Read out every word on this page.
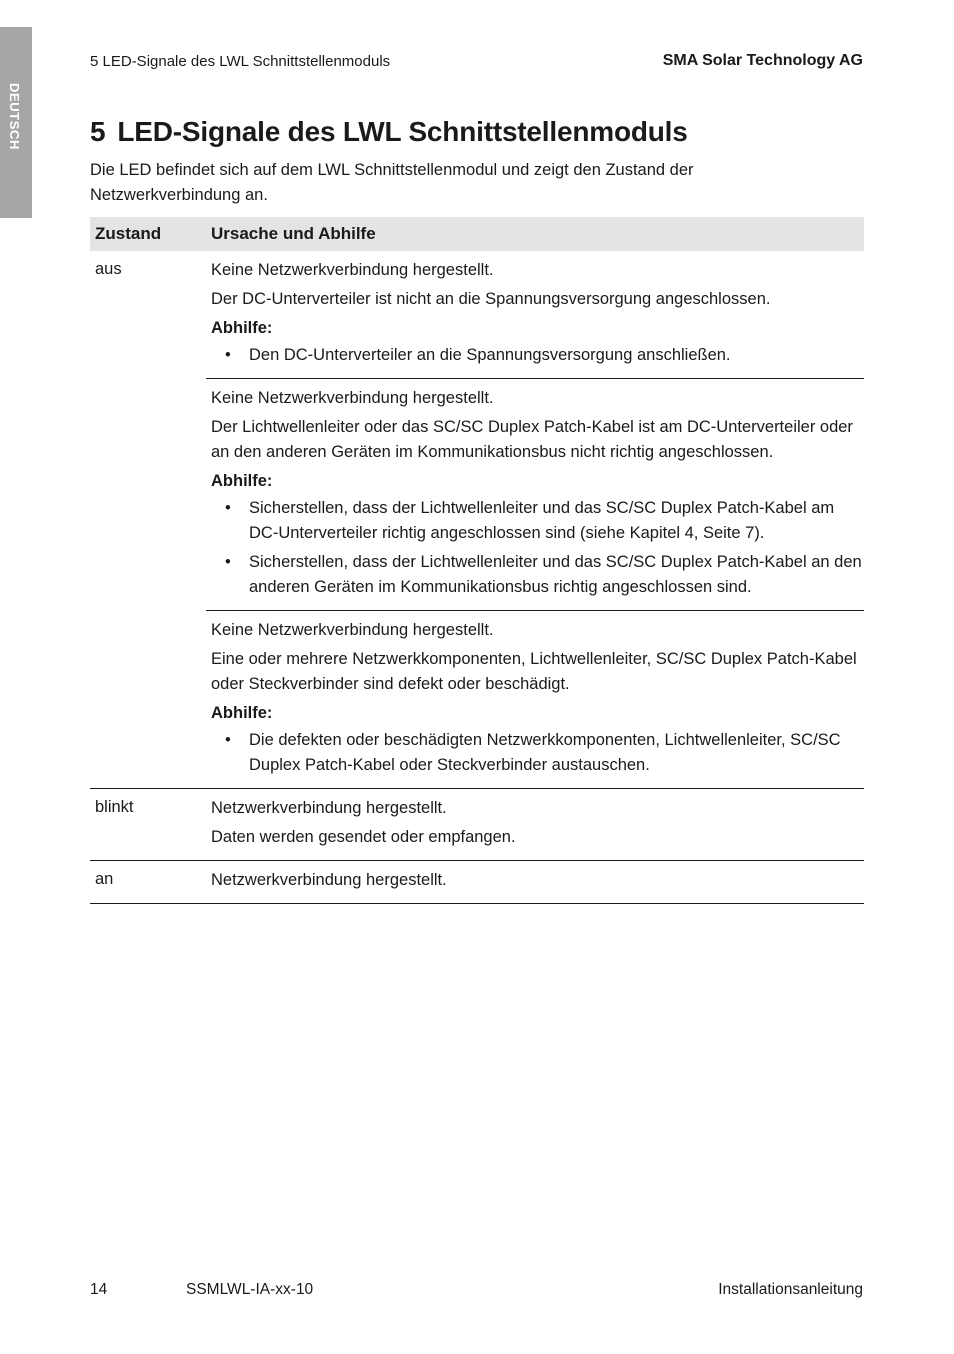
DEUTSCH
5 LED-Signale des LWL Schnittstellenmoduls	SMA Solar Technology AG
5 LED-Signale des LWL Schnittstellenmoduls

Die LED befindet sich auf dem LWL Schnittstellenmodul und zeigt den Zustand der Netzwerkverbindung an.

Zustand	Ursache und Abhilfe
aus	Keine Netzwerkverbindung hergestellt.

Der DC-Unterverteiler ist nicht an die Spannungsversorgung angeschlossen.

Abhilfe:

• Den DC-Unterverteiler an die Spannungsversorgung anschließen.

Keine Netzwerkverbindung hergestellt.

Der Lichtwellenleiter oder das SC/SC Duplex Patch-Kabel ist am DC-Unterverteiler oder an den anderen Geräten im Kommunikationsbus nicht richtig angeschlossen.

Abhilfe:

• Sicherstellen, dass der Lichtwellenleiter und das SC/SC Duplex Patch-Kabel am DC-Unterverteiler richtig angeschlossen sind (siehe Kapitel 4, Seite 7).
• Sicherstellen, dass der Lichtwellenleiter und das SC/SC Duplex Patch-Kabel an den anderen Geräten im Kommunikationsbus richtig angeschlossen sind.

Keine Netzwerkverbindung hergestellt.

Eine oder mehrere Netzwerkkomponenten, Lichtwellenleiter, SC/SC Duplex Patch-Kabel oder Steckverbinder sind defekt oder beschädigt.

Abhilfe:

• Die defekten oder beschädigten Netzwerkkomponenten, Lichtwellenleiter, SC/SC Duplex Patch-Kabel oder Steckverbinder austauschen.
blinkt	Netzwerkverbindung hergestellt.

Daten werden gesendet oder empfangen.

an	Netzwerkverbindung hergestellt.

14	SSMLWL-IA-xx-10	Installationsanleitung
